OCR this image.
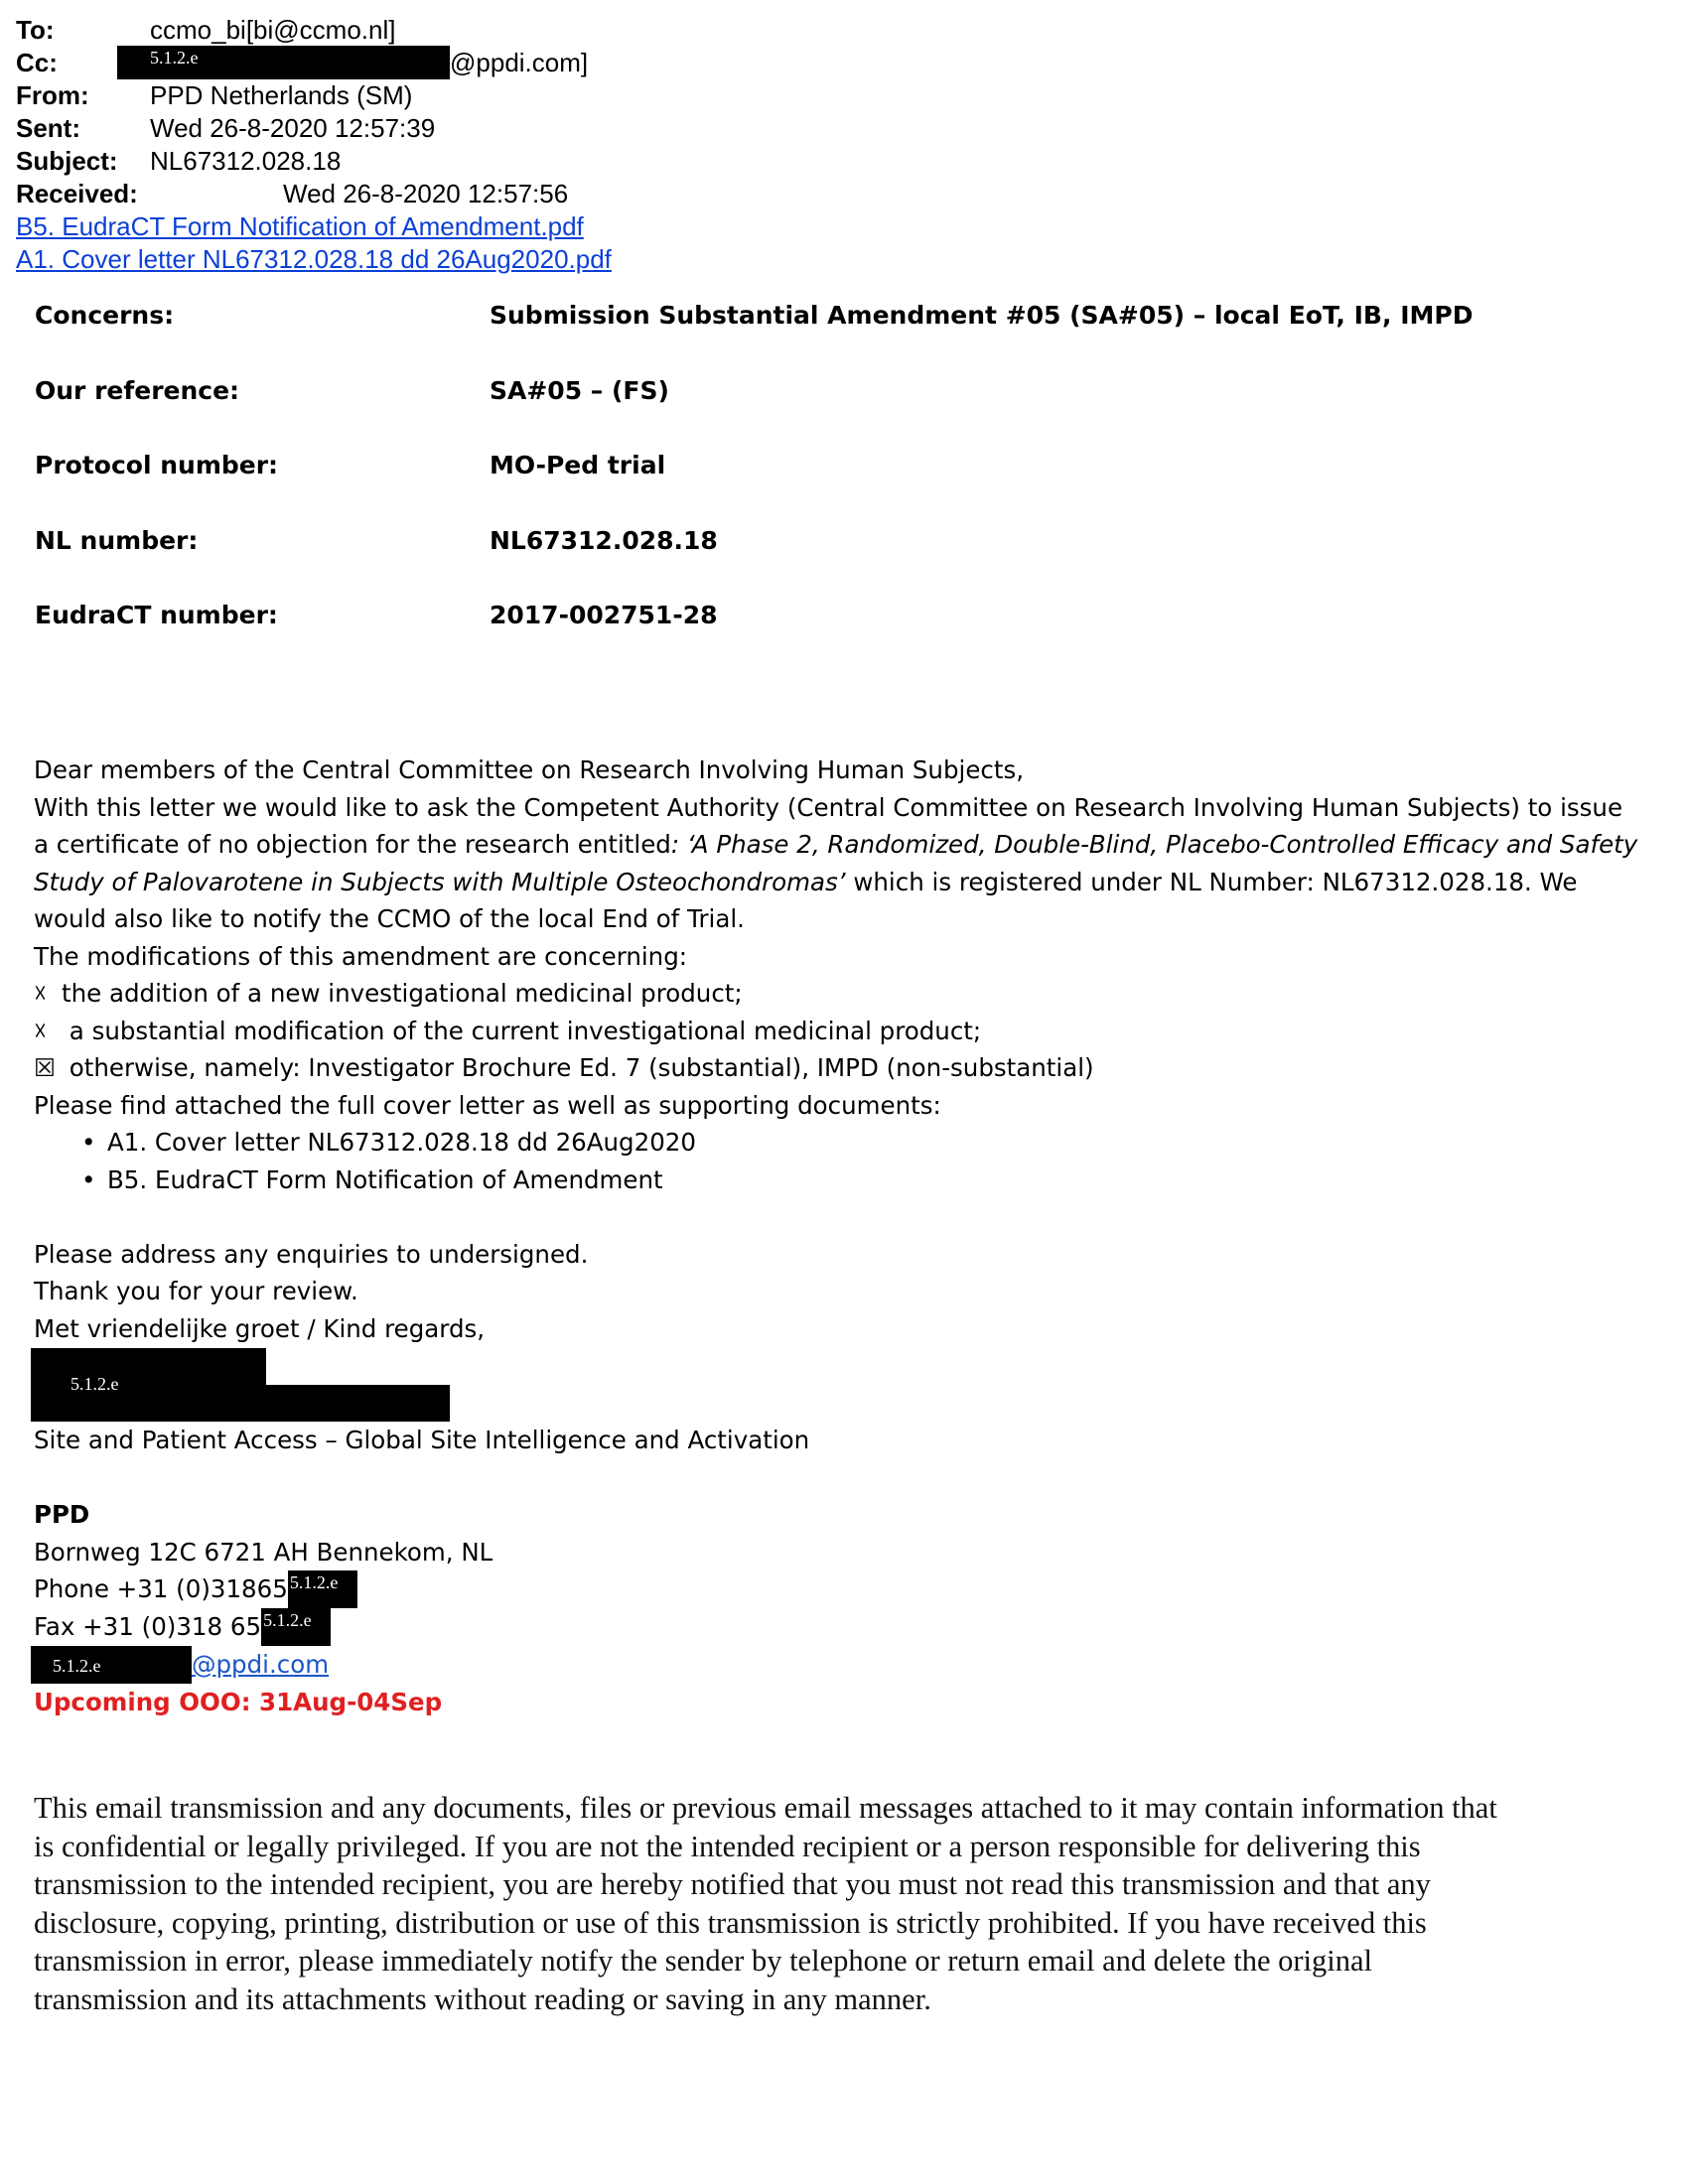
To:	ccmo_bi[bi@ccmo.nl]
Cc:	5.1.2.e	@ppdi.com]
From: PPD Netherlands (SM)
Sent:	Wed 26-8-2020 12:57:39
Subject: NL67312.028.18
Received:	Wed 26-8-2020 12:57:56
B5. EudraCT Form Notification of Amendment.pdf
A1. Cover letter NL67312.028.18 dd 26Aug2020.pdf
Concerns:	Submission Substantial Amendment #05 (SA#05) – local EoT, IB, IMPD
Our reference:	SA#05 – (FS)
Protocol number:	MO-Ped trial
NL number:	NL67312.028.18
EudraCT number:	2017-002751-28

Dear members of the Central Committee on Research Involving Human Subjects,

With this letter we would like to ask the Competent Authority (Central Committee on Research Involving Human Subjects) to issue

a certificate of no objection for the research entitled: ‘A Phase 2, Randomized, Double-Blind, Placebo-Controlled Efficacy and Safety

Study of Palovarotene in Subjects with Multiple Osteochondromas’ which is registered under NL Number: NL67312.028.18. We

would also like to notify the CCMO of the local End of Trial.

The modifications of this amendment are concerning:

☓ the addition of a new investigational medicinal product;

☓ a substantial modification of the current investigational medicinal product;

☒ otherwise, namely: Investigator Brochure Ed. 7 (substantial), IMPD (non-substantial)

Please find attached the full cover letter as well as supporting documents:

• A1. Cover letter NL67312.028.18 dd 26Aug2020
• B5. EudraCT Form Notification of Amendment

Please address any enquiries to undersigned.

Thank you for your review.

Met vriendelijke groet / Kind regards,

5.1.2.e

Site and Patient Access – Global Site Intelligence and Activation

PPD

Bornweg 12C 6721 AH Bennekom, NL

Phone +31 (0)31865 5.1.2.e

Fax +31 (0)318 65 5.1.2.e

5.1.2.e	@ppdi.com

Upcoming OOO: 31Aug-04Sep

This email transmission and any documents, files or previous email messages attached to it may contain information that
is confidential or legally privileged. If you are not the intended recipient or a person responsible for delivering this
transmission to the intended recipient, you are hereby notified that you must not read this transmission and that any
disclosure, copying, printing, distribution or use of this transmission is strictly prohibited. If you have received this
transmission in error, please immediately notify the sender by telephone or return email and delete the original
transmission and its attachments without reading or saving in any manner.
